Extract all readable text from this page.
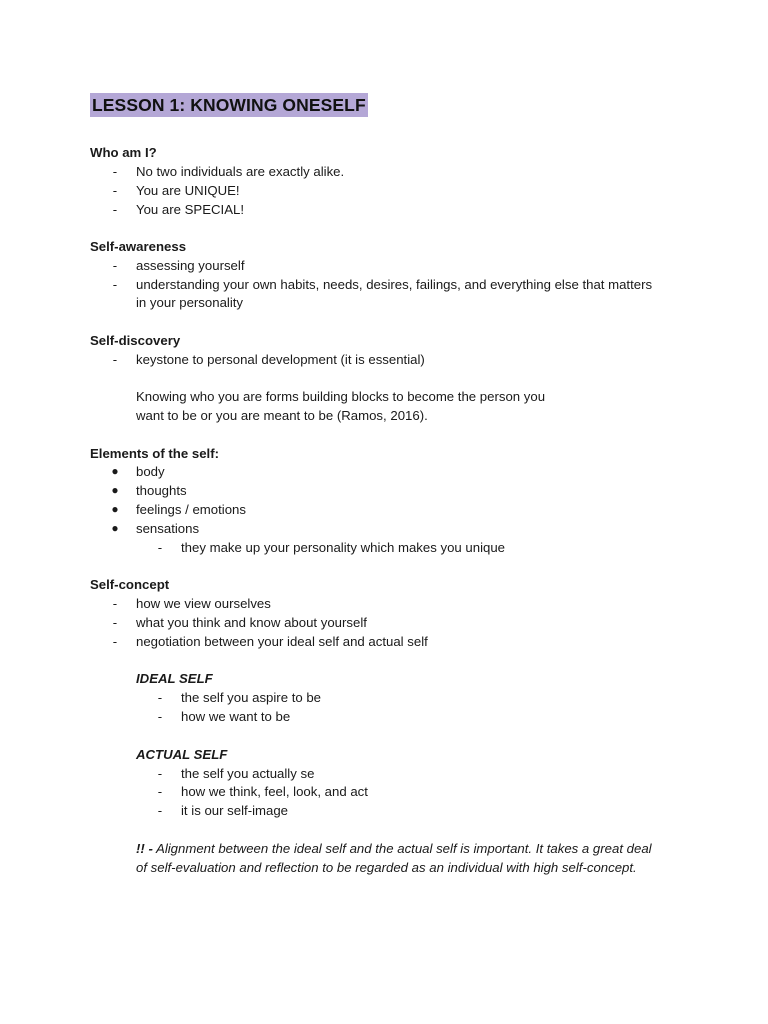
LESSON 1: KNOWING ONESELF
Who am I?
- No two individuals are exactly alike.
- You are UNIQUE!
- You are SPECIAL!
Self-awareness
- assessing yourself
- understanding your own habits, needs, desires, failings, and everything else that matters
in your personality
Self-discovery
- keystone to personal development (it is essential)
Knowing who you are forms building blocks to become the person you
want to be or you are meant to be (Ramos, 2016).
Elements of the self:
● body
● thoughts
● feelings / emotions
● sensations
- they make up your personality which makes you unique
Self-concept
- how we view ourselves
- what you think and know about yourself
- negotiation between your ideal self and actual self
IDEAL SELF
- the self you aspire to be
- how we want to be
ACTUAL SELF
- the self you actually se
- how we think, feel, look, and act
- it is our self-image
!! - Alignment between the ideal self and the actual self is important. It takes a great deal
of self-evaluation and reflection to be regarded as an individual with high self-concept.
